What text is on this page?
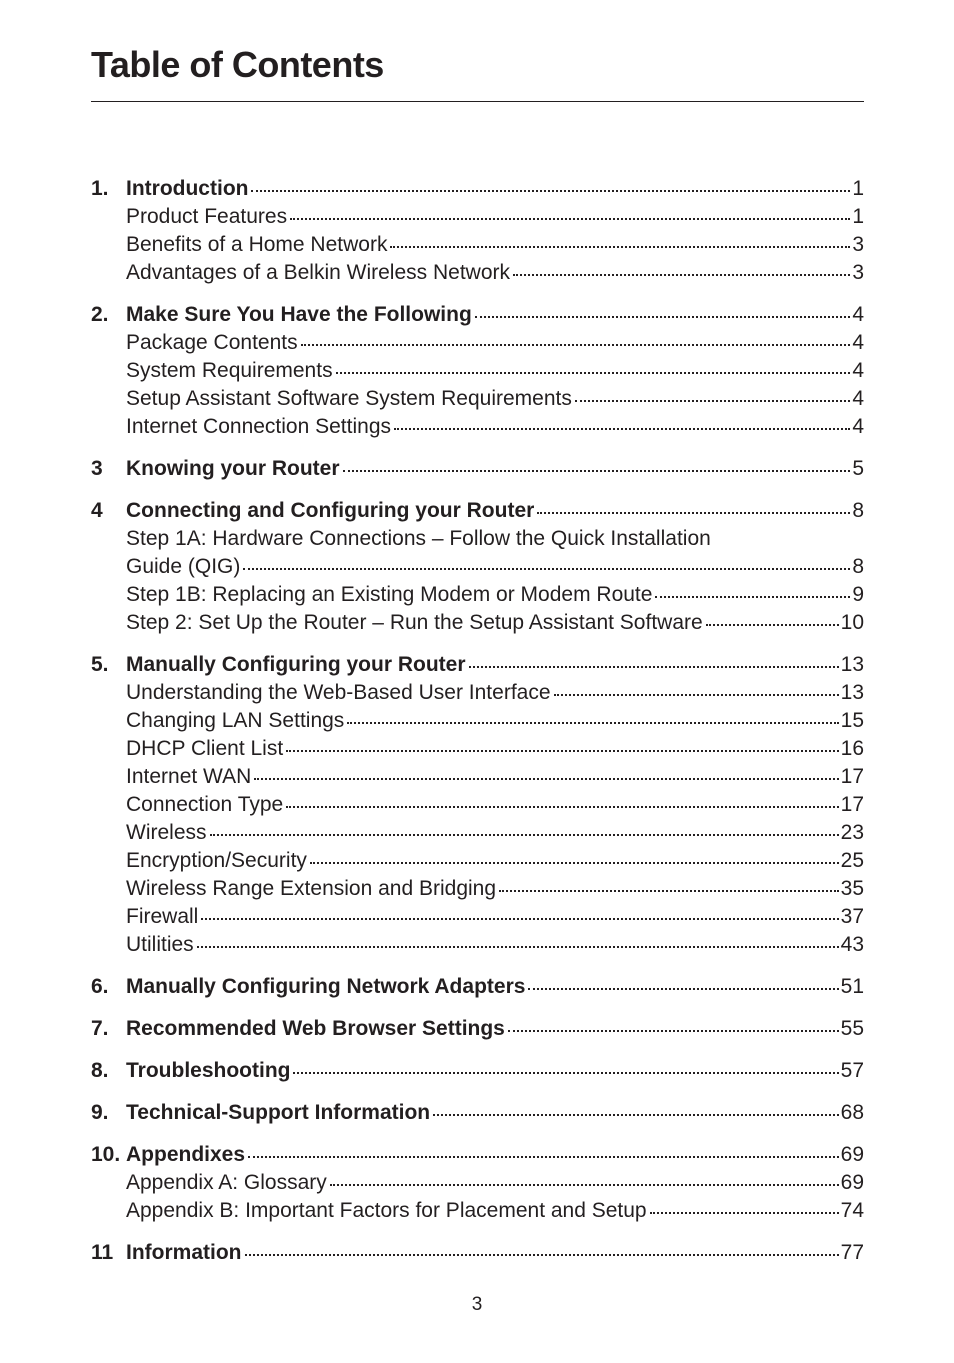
Table of Contents
1. Introduction	1
Product Features	1
Benefits of a Home Network	3
Advantages of a Belkin Wireless Network	3
2. Make Sure You Have the Following	4
Package Contents	4
System Requirements	4
Setup Assistant Software System Requirements	4
Internet Connection Settings	4
3	Knowing your Router	5
4	Connecting and Configuring your Router	8
Step 1A: Hardware Connections – Follow the Quick Installation
Guide (QIG)	8
Step 1B: Replacing an Existing Modem or Modem Route	9
Step 2: Set Up the Router – Run the Setup Assistant Software	10
5. Manually Configuring your Router	13
Understanding the Web-Based User Interface	13
Changing LAN Settings	15
DHCP Client List	16
Internet WAN	17
Connection Type	17
Wireless	23
Encryption/Security	25
Wireless Range Extension and Bridging	35
Firewall	37
Utilities	43
6. Manually Configuring Network Adapters	51
7. Recommended Web Browser Settings	55
8. Troubleshooting	57
9. Technical-Support Information	68
10. Appendixes	69
Appendix A: Glossary	69
Appendix B: Important Factors for Placement and Setup	74
11 Information	77
3
